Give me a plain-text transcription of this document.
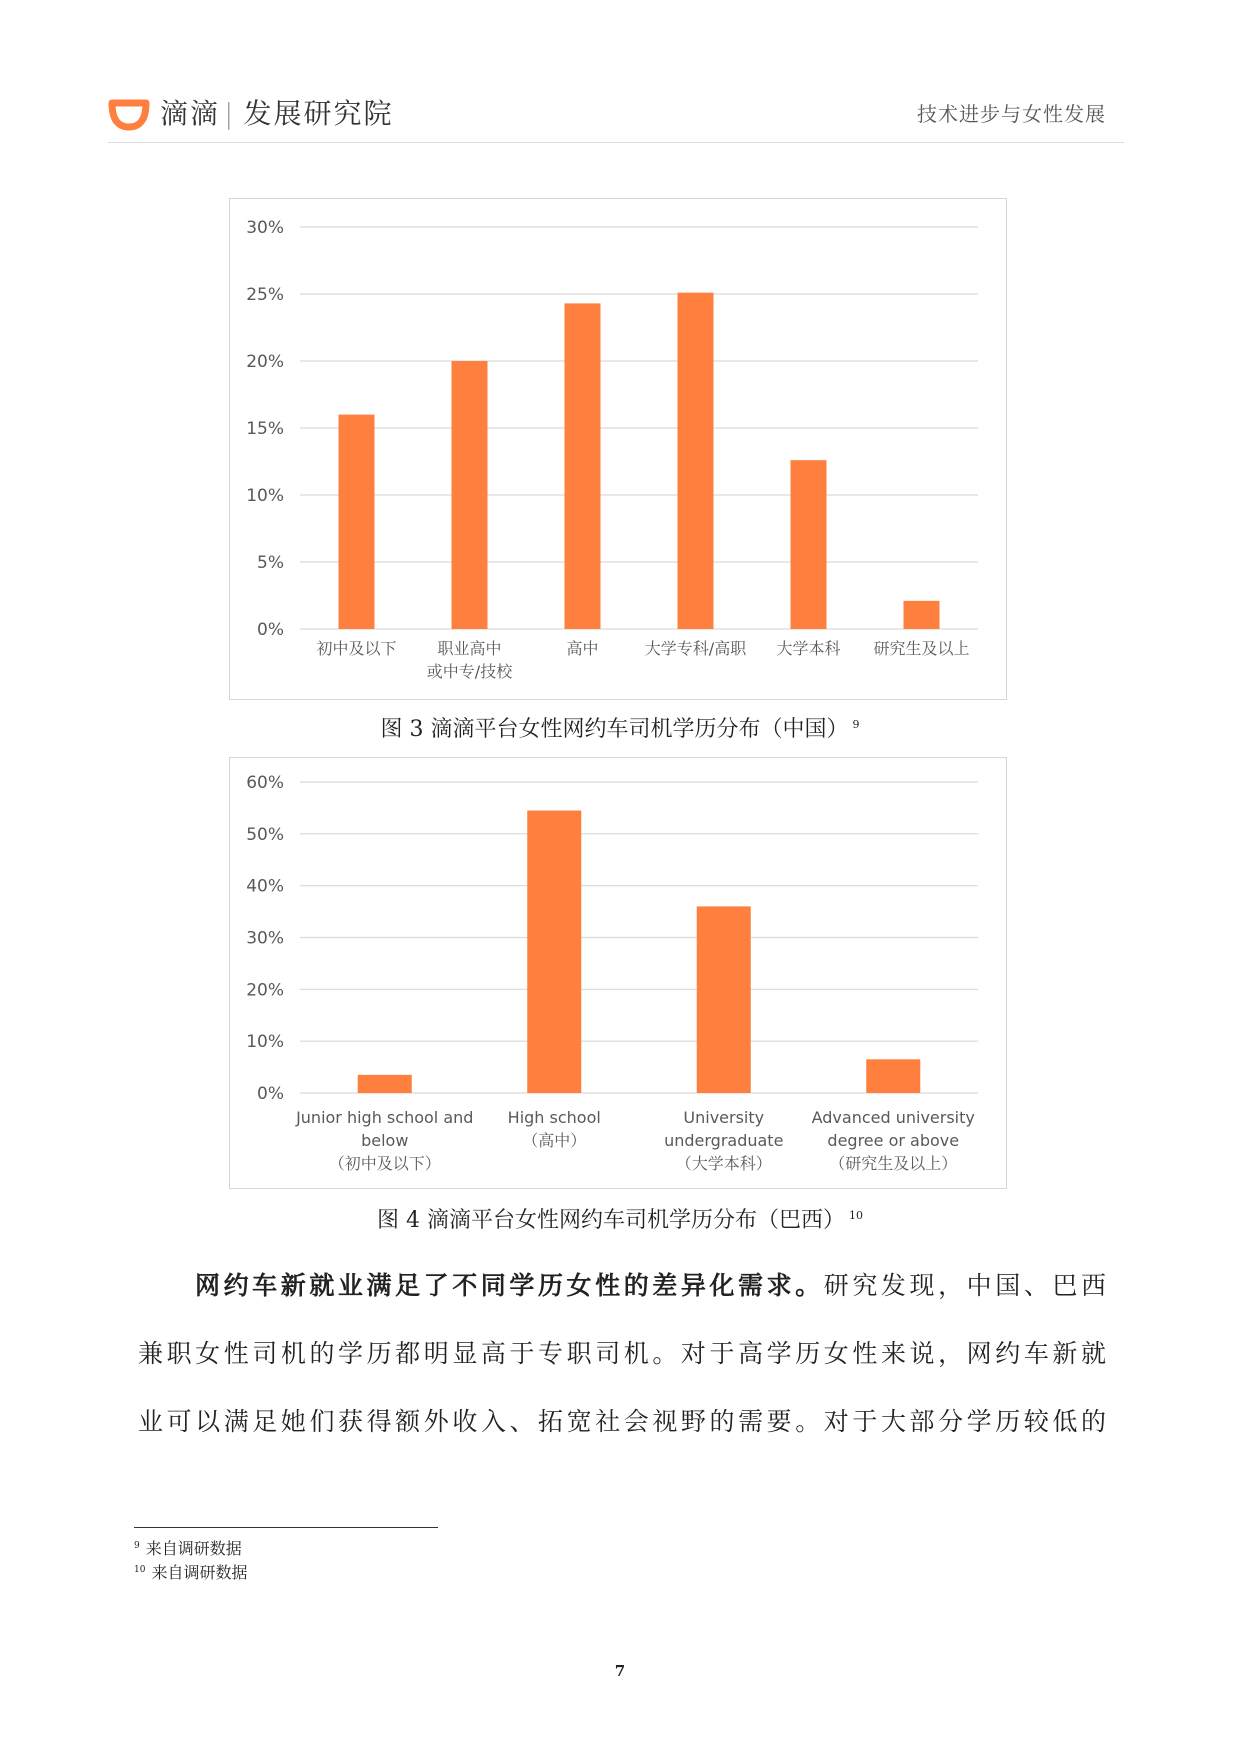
滴滴 | 发展研究院	技术进步与女性发展
0%
5%
10%
15%
20%
25%
30%
初中及以下	职业高中
或中专/技校
高中	大学专科/高职 大学本科 研究生及以上
图 3 滴滴平台女性网约车司机学历分布（中国） $^9$
0%
10%
20%
30%
40%
50%
60%
Junior high school and
below
（初中及以下）
High school
（高中）
University
undergraduate
（大学本科）
Advanced university
degree or above
（研究生及以上）
图 4 滴滴平台女性网约车司机学历分布（巴西） $^{10}$
网约车新就业满足了不同学历女性的差异化需求。研究发现，中国、巴西
兼职女性司机的学历都明显高于专职司机。对于高学历女性来说，网约车新就
业可以满足她们获得额外收入、拓宽社会视野的需要。对于大部分学历较低的
$^9$ 来自调研数据
$^{10}$ 来自调研数据
7
